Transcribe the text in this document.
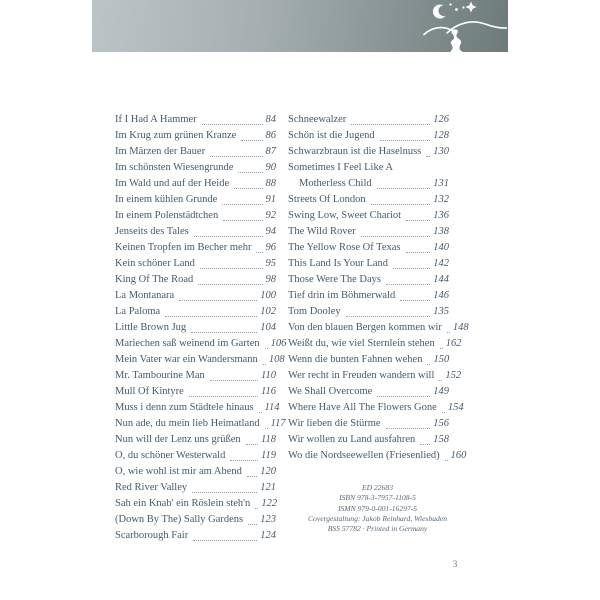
If I Had A Hammer	84
Im Krug zum grünen Kranze	86
Im Märzen der Bauer	87
Im schönsten Wiesengrunde	90
Im Wald und auf der Heide	88
In einem kühlen Grunde	91
In einem Polenstädtchen	92
Jenseits des Tales	94
Keinen Tropfen im Becher mehr 96
Kein schöner Land	95
King Of The Road	98
La Montanara	100
La Paloma	102
Little Brown Jug	104
Mariechen saß weinend im Garten 106
Mein Vater war ein Wandersmann 108
Mr. Tambourine Man	110
Mull Of Kintyre	116
Muss i denn zum Städtele hinaus 114
Nun ade, du mein lieb Heimatland 117
Nun will der Lenz uns grüßen 118
O, du schöner Westerwald	119
O, wie wohl ist mir am Abend 120
Red River Valley	121
Sah ein Knab' ein Röslein steh'n 122
(Down By The) Sally Gardens 123
Scarborough Fair	124
Schneewalzer	126
Schön ist die Jugend	128
Schwarzbraun ist die Haselnuss 130
Sometimes I Feel Like A
Motherless Child	131
Streets Of London	132
Swing Low, Sweet Chariot	136
The Wild Rover	138
The Yellow Rose Of Texas	140
This Land Is Your Land	142
Those Were The Days	144
Tief drin im Böhmerwald	146
Tom Dooley	135
Von den blauen Bergen kommen wir 148
Weißt du, wie viel Sternlein stehen 162
Wenn die bunten Fahnen wehen 150
Wer recht in Freuden wandern will 152
We Shall Overcome	149
Where Have All The Flowers Gone 154
Wir lieben die Stürme	156
Wir wollen zu Land ausfahren 158
Wo die Nordseewellen (Friesenlied) 160
ED 22683
ISBN 978-3-7957-1108-5
ISMN 979-0-001-16297-5
Covergestaltung: Jakob Reinhard, Wiesbaden
BSS 57782 · Printed in Germany
3
